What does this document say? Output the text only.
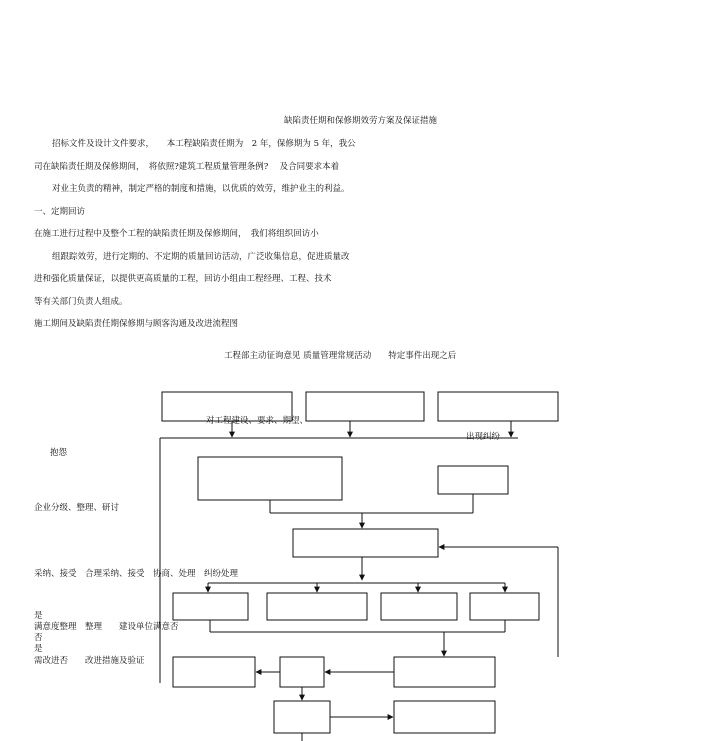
缺陷责任期和保修期效劳方案及保证措施
招标文件及设计文件要求，　　本工程缺陷责任期为　2 年，保修期为 5 年，我公
司在缺陷责任期及保修期间，　将依照?建筑工程质量管理条例?　 及合同要求本着
对业主负责的精神，制定严格的制度和措施，以优质的效劳，维护业主的利益。
一、定期回访
在施工进行过程中及整个工程的缺陷责任期及保修期间，　我们将组织回访小
组跟踪效劳，进行定期的、不定期的质量回访活动，广泛收集信息，促进质量改
进和强化质量保证，以提供更高质量的工程，回访小组由工程经理、工程、技术
等有关部门负责人组成。
施工期间及缺陷责任期保修期与顾客沟通及改进流程图
工程部主动征询意见 质量管理常规活动　　特定事件出现之后
对工程建设、要求、期望、
出现纠纷
抱怨
企业分级、整理、研讨
采纳、接受　合理采纳、接受　协商、处理　纠纷处理
是
满意度整理　整理　　建设单位满意否
否
是
需改进否　　改进措施及验证
